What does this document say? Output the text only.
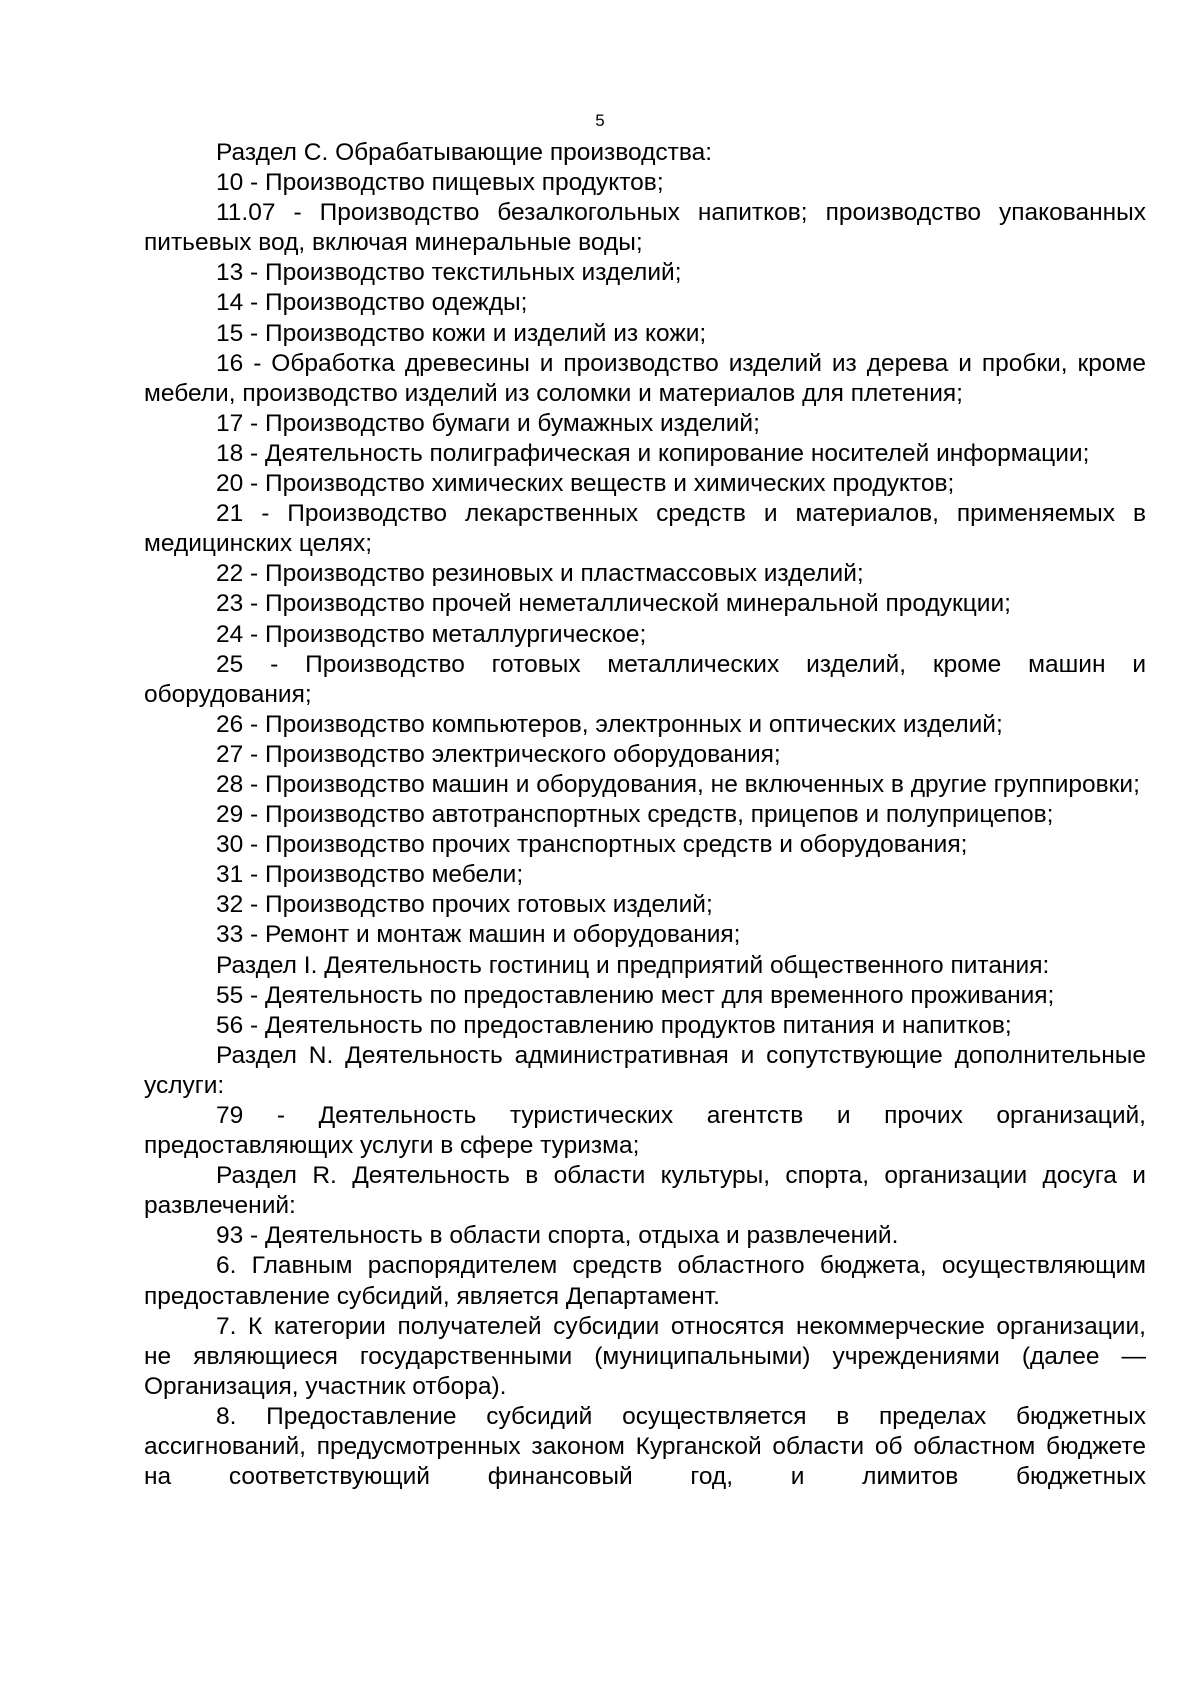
5

Раздел C. Обрабатывающие производства:

10 - Производство пищевых продуктов;

11.07 - Производство безалкогольных напитков; производство упакованных питьевых вод, включая минеральные воды;

13 - Производство текстильных изделий;

14 - Производство одежды;

15 - Производство кожи и изделий из кожи;

16 - Обработка древесины и производство изделий из дерева и пробки, кроме мебели, производство изделий из соломки и материалов для плетения;

17 - Производство бумаги и бумажных изделий;

18 - Деятельность полиграфическая и копирование носителей информации;

20 - Производство химических веществ и химических продуктов;

21 - Производство лекарственных средств и материалов, применяемых в медицинских целях;

22 - Производство резиновых и пластмассовых изделий;

23 - Производство прочей неметаллической минеральной продукции;

24 - Производство металлургическое;

25 - Производство готовых металлических изделий, кроме машин и оборудования;

26 - Производство компьютеров, электронных и оптических изделий;

27 - Производство электрического оборудования;

28 - Производство машин и оборудования, не включенных в другие группировки;

29 - Производство автотранспортных средств, прицепов и полуприцепов;

30 - Производство прочих транспортных средств и оборудования;

31 - Производство мебели;

32 - Производство прочих готовых изделий;

33 - Ремонт и монтаж машин и оборудования;

Раздел I. Деятельность гостиниц и предприятий общественного питания:

55 - Деятельность по предоставлению мест для временного проживания;

56 - Деятельность по предоставлению продуктов питания и напитков;

Раздел N. Деятельность административная и сопутствующие дополнительные услуги:

79 - Деятельность туристических агентств и прочих организаций, предоставляющих услуги в сфере туризма;

Раздел R. Деятельность в области культуры, спорта, организации досуга и развлечений:

93 - Деятельность в области спорта, отдыха и развлечений.

6. Главным распорядителем средств областного бюджета, осуществляющим предоставление субсидий, является Департамент.

7. К категории получателей субсидии относятся некоммерческие организации, не являющиеся государственными (муниципальными) учреждениями (далее — Организация, участник отбора).

8. Предоставление субсидий осуществляется в пределах бюджетных ассигнований, предусмотренных законом Курганской области об областном бюджете на соответствующий финансовый год, и лимитов бюджетных
